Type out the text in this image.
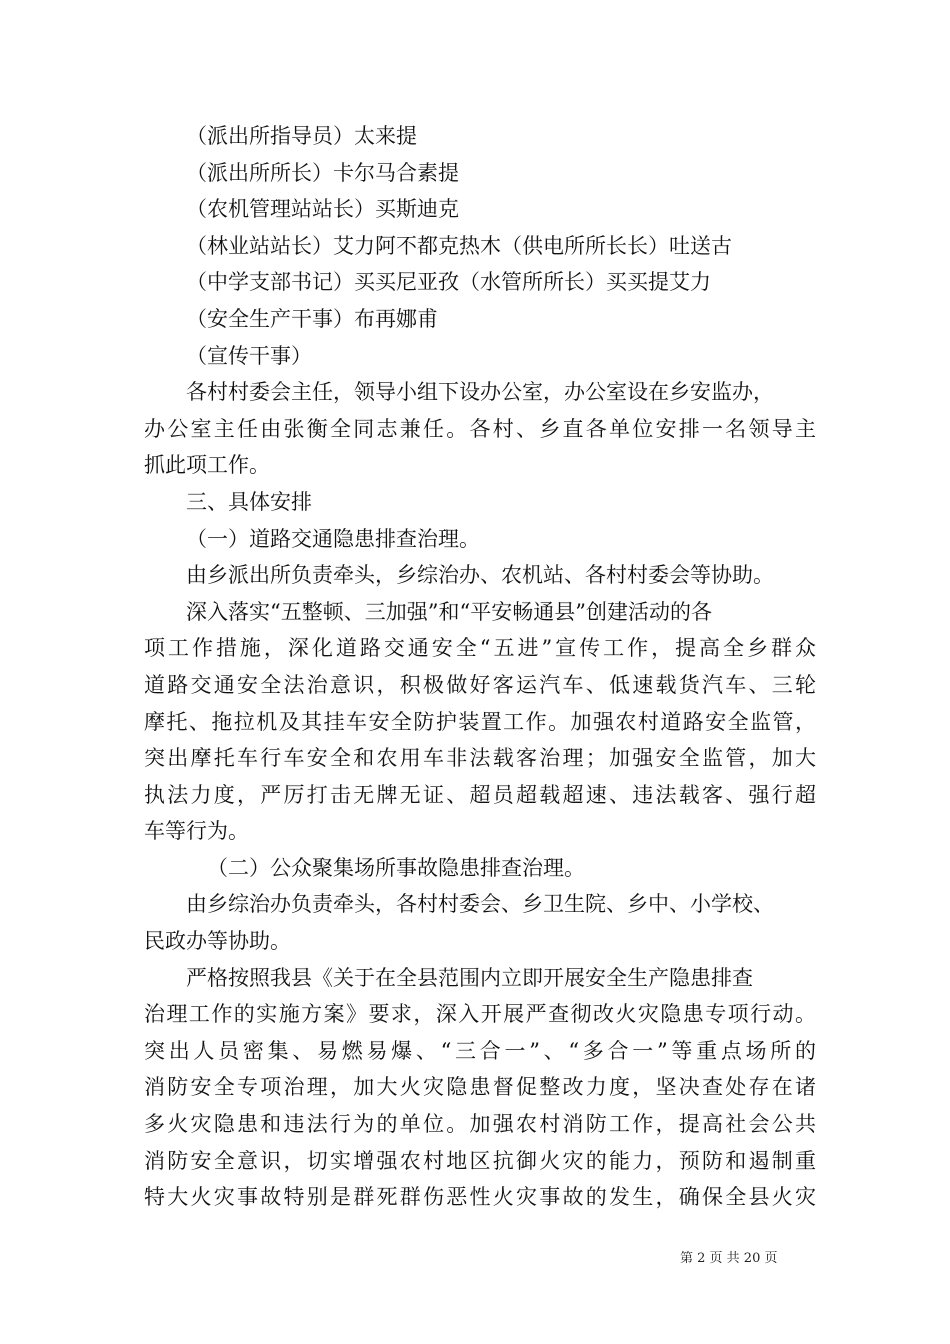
（派出所指导员）太来提
（派出所所长）卡尔马合素提
（农机管理站站长）买斯迪克
（林业站站长）艾力阿不都克热木（供电所所长长）吐送古
（中学支部书记）买买尼亚孜（水管所所长）买买提艾力
（安全生产干事）布再娜甫
（宣传干事）
各村村委会主任，领导小组下设办公室，办公室设在乡安监办，
办公室主任由张衡全同志兼任。各村、乡直各单位安排一名领导主
抓此项工作。
三、具体安排
（一）道路交通隐患排查治理。
由乡派出所负责牵头，乡综治办、农机站、各村村委会等协助。
深入落实“五整顿、三加强”和“平安畅通县”创建活动的各
项工作措施，深化道路交通安全“五进”宣传工作，提高全乡群众
道路交通安全法治意识，积极做好客运汽车、低速载货汽车、三轮
摩托、拖拉机及其挂车安全防护装置工作。加强农村道路安全监管，
突出摩托车行车安全和农用车非法载客治理；加强安全监管，加大
执法力度，严厉打击无牌无证、超员超载超速、违法载客、强行超
车等行为。
（二）公众聚集场所事故隐患排查治理。
由乡综治办负责牵头，各村村委会、乡卫生院、乡中、小学校、
民政办等协助。
严格按照我县《关于在全县范围内立即开展安全生产隐患排查
治理工作的实施方案》要求，深入开展严查彻改火灾隐患专项行动。
突出人员密集、易燃易爆、“三合一”、“多合一”等重点场所的
消防安全专项治理，加大火灾隐患督促整改力度，坚决查处存在诸
多火灾隐患和违法行为的单位。加强农村消防工作，提高社会公共
消防安全意识，切实增强农村地区抗御火灾的能力，预防和遏制重
特大火灾事故特别是群死群伤恶性火灾事故的发生，确保全县火灾
第 2 页 共 20 页
